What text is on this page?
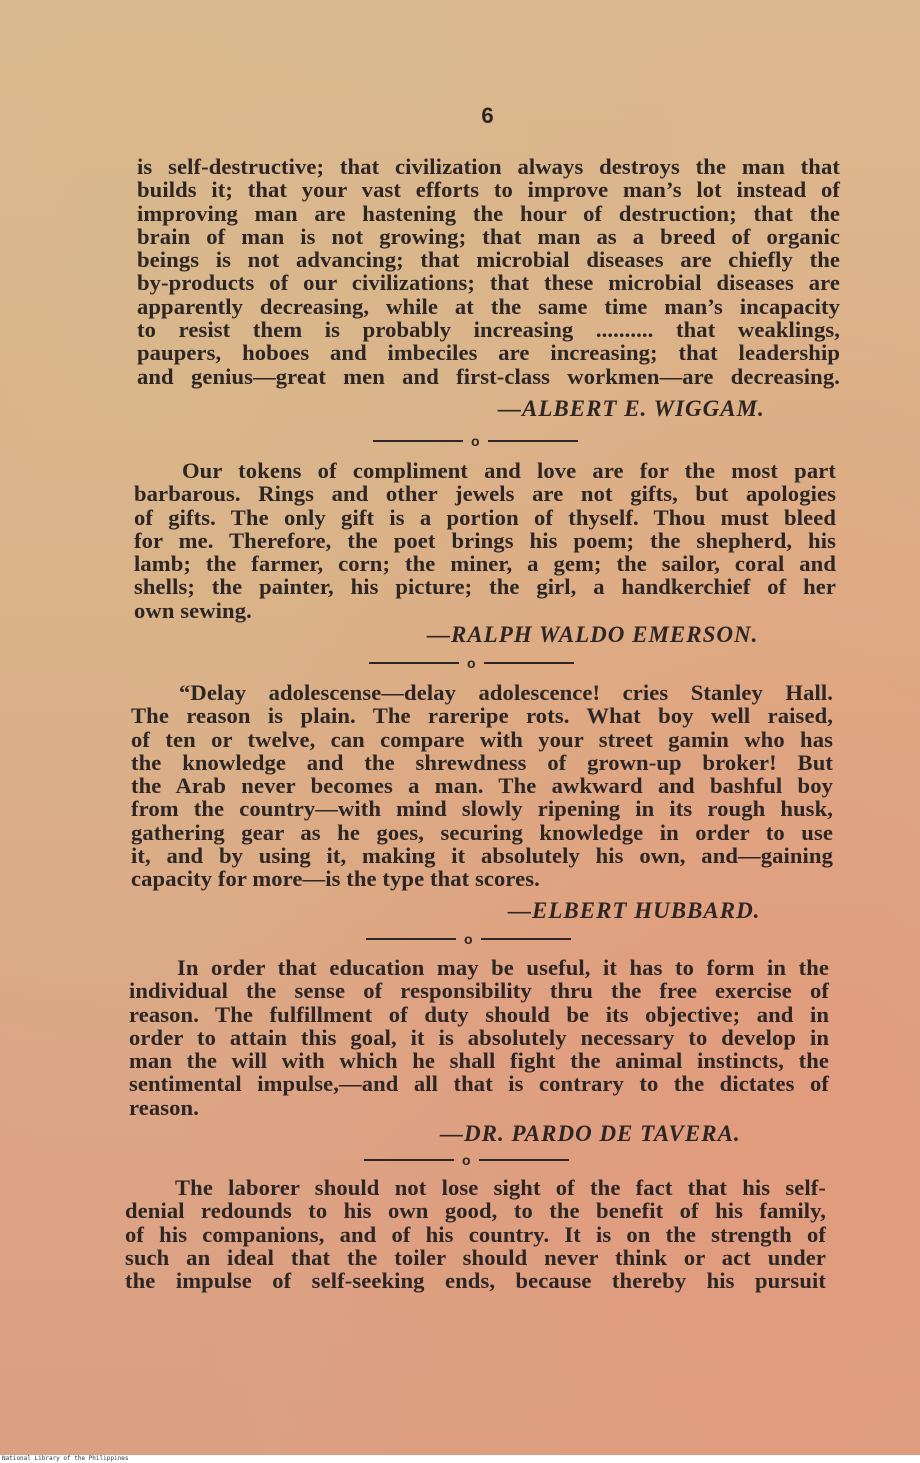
6
is self-destructive; that civilization always destroys the man that
builds it; that your vast efforts to improve man’s lot instead of
improving man are hastening the hour of destruction; that the
brain of man is not growing; that man as a breed of organic
beings is not advancing; that microbial diseases are chiefly the
by-products of our civilizations; that these microbial diseases are
apparently decreasing, while at the same time man’s incapacity
to resist them is probably increasing .......... that weaklings,
paupers, hoboes and imbeciles are increasing; that leadership
and genius—great men and first-class workmen—are decreasing.
—ALBERT E. WIGGAM.
o
Our tokens of compliment and love are for the most part
barbarous. Rings and other jewels are not gifts, but apologies
of gifts. The only gift is a portion of thyself. Thou must bleed
for me. Therefore, the poet brings his poem; the shepherd, his
lamb; the farmer, corn; the miner, a gem; the sailor, coral and
shells; the painter, his picture; the girl, a handkerchief of her
own sewing.
—RALPH WALDO EMERSON.
o
“Delay adolescense—delay adolescence! cries Stanley Hall.
The reason is plain. The rareripe rots. What boy well raised,
of ten or twelve, can compare with your street gamin who has
the knowledge and the shrewdness of grown-up broker! But
the Arab never becomes a man. The awkward and bashful boy
from the country—with mind slowly ripening in its rough husk,
gathering gear as he goes, securing knowledge in order to use
it, and by using it, making it absolutely his own, and—gaining
capacity for more—is the type that scores.
—ELBERT HUBBARD.
o
In order that education may be useful, it has to form in the
individual the sense of responsibility thru the free exercise of
reason. The fulfillment of duty should be its objective; and in
order to attain this goal, it is absolutely necessary to develop in
man the will with which he shall fight the animal instincts, the
sentimental impulse,—and all that is contrary to the dictates of
reason.
—DR. PARDO DE TAVERA.
o
The laborer should not lose sight of the fact that his self-
denial redounds to his own good, to the benefit of his family,
of his companions, and of his country. It is on the strength of
such an ideal that the toiler should never think or act under
the impulse of self-seeking ends, because thereby his pursuit
National Library of the Philippines
